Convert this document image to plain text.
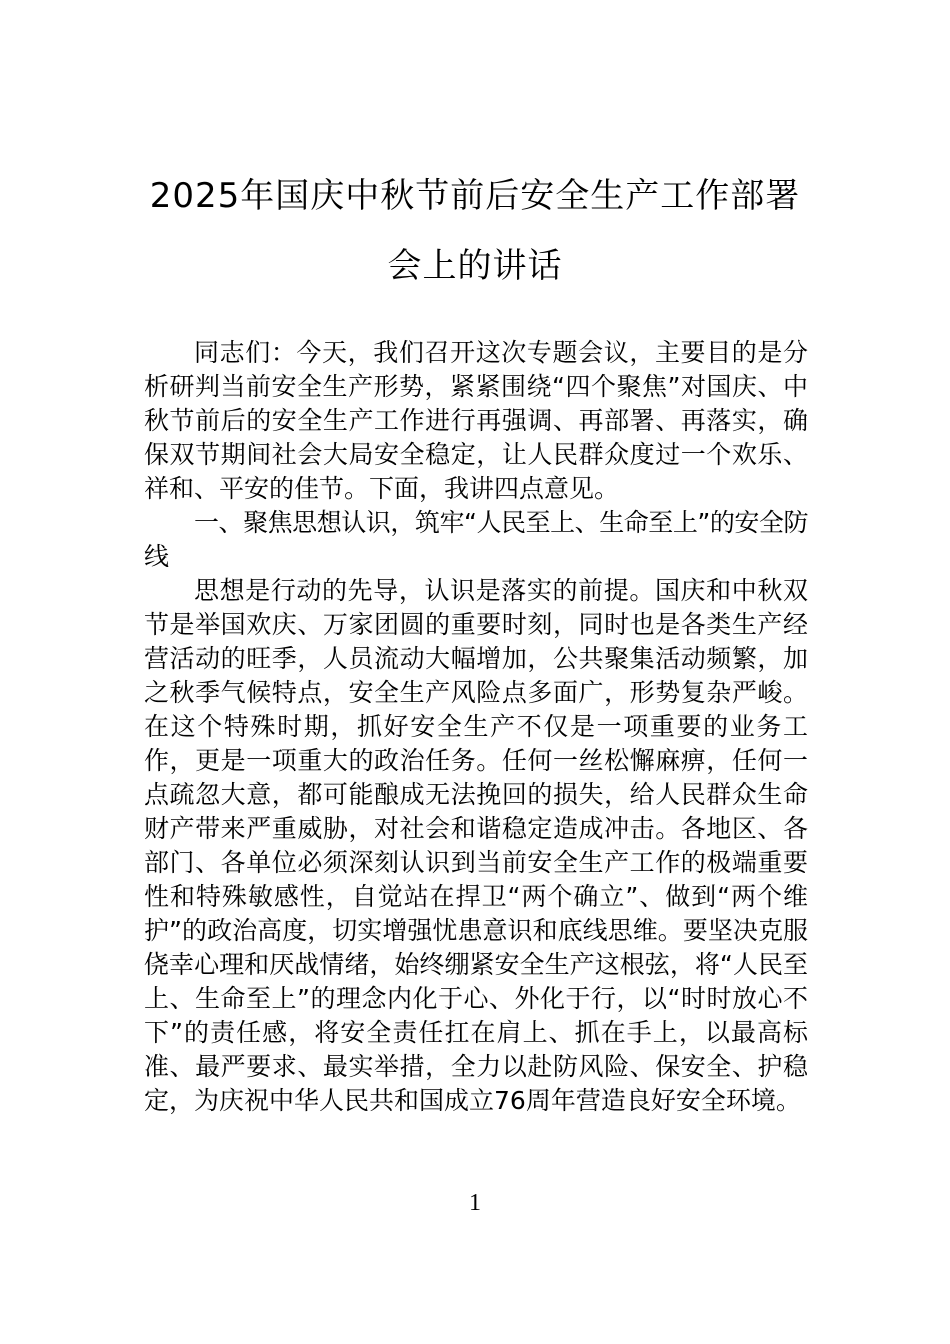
2025年国庆中秋节前后安全生产工作部署
会上的讲话

同志们：今天，我们召开这次专题会议，主要目的是分析研判当前安全生产形势，紧紧围绕“四个聚焦”对国庆、中秋节前后的安全生产工作进行再强调、再部署、再落实，确保双节期间社会大局安全稳定，让人民群众度过一个欢乐、祥和、平安的佳节。下面，我讲四点意见。

一、聚焦思想认识，筑牢“人民至上、生命至上”的安全防线

思想是行动的先导，认识是落实的前提。国庆和中秋双节是举国欢庆、万家团圆的重要时刻，同时也是各类生产经营活动的旺季，人员流动大幅增加，公共聚集活动频繁，加之秋季气候特点，安全生产风险点多面广，形势复杂严峻。在这个特殊时期，抓好安全生产不仅是一项重要的业务工作，更是一项重大的政治任务。任何一丝松懈麻痹，任何一点疏忽大意，都可能酿成无法挽回的损失，给人民群众生命财产带来严重威胁，对社会和谐稳定造成冲击。各地区、各部门、各单位必须深刻认识到当前安全生产工作的极端重要性和特殊敏感性，自觉站在捍卫“两个确立”、做到“两个维护”的政治高度，切实增强忧患意识和底线思维。要坚决克服侥幸心理和厌战情绪，始终绷紧安全生产这根弦，将“人民至上、生命至上”的理念内化于心、外化于行，以“时时放心不下”的责任感，将安全责任扛在肩上、抓在手上，以最高标准、最严要求、最实举措，全力以赴防风险、保安全、护稳定，为庆祝中华人民共和国成立76周年营造良好安全环境。

1
